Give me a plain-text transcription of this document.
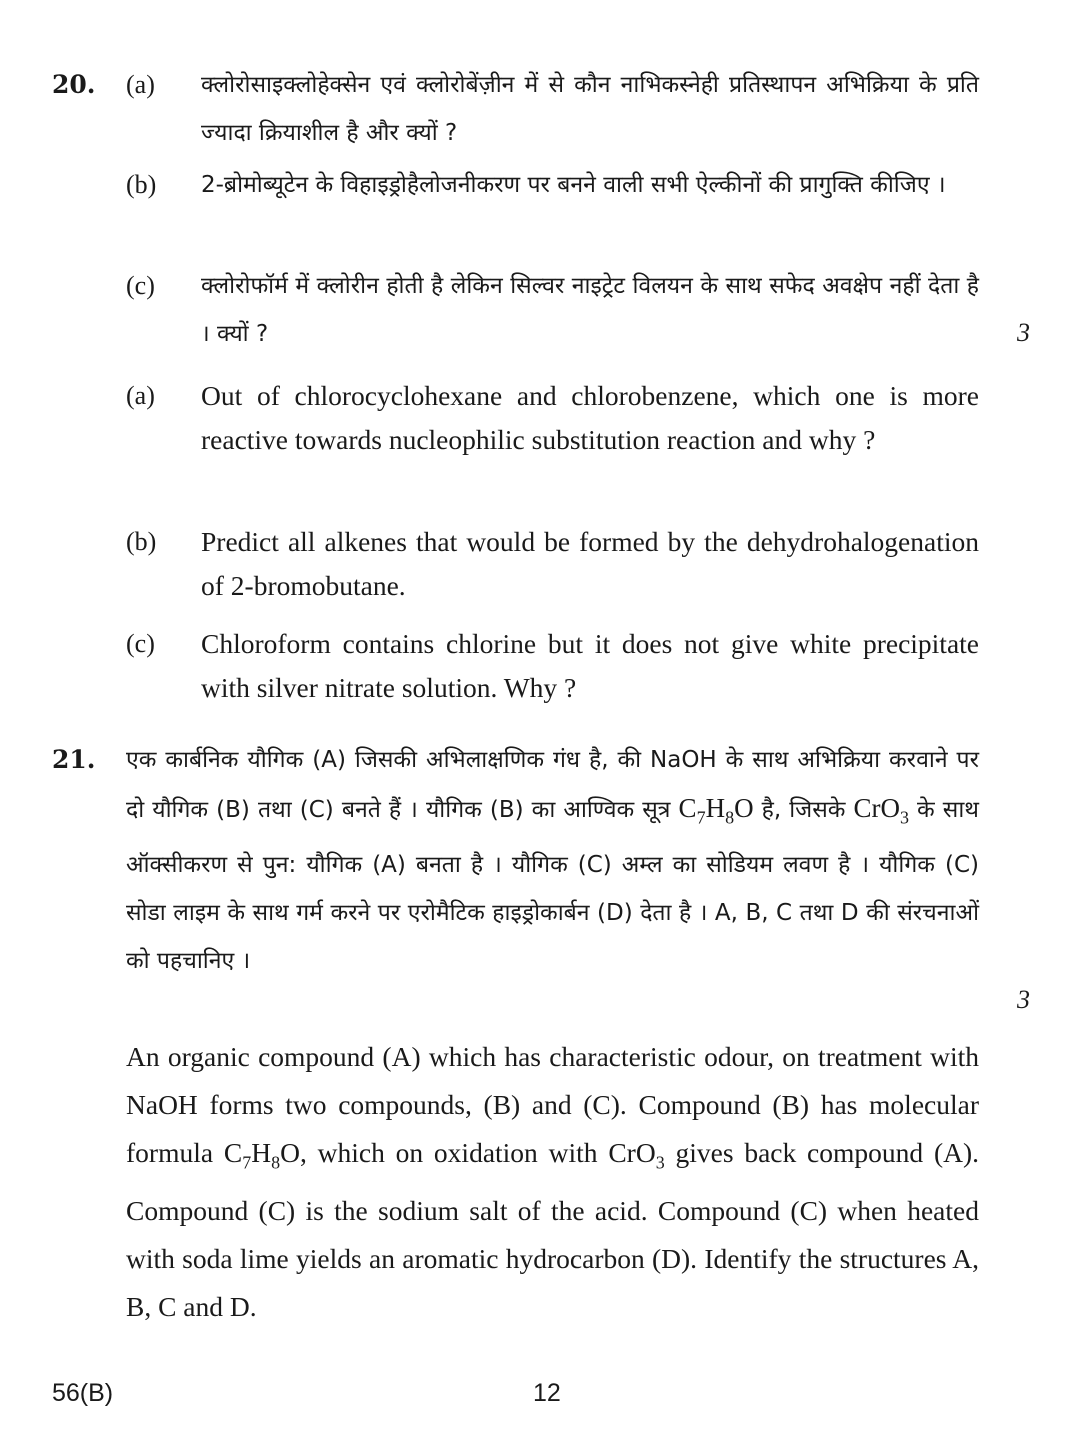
20. (a) क्लोरोसाइक्लोहेक्सेन एवं क्लोरोबेंज़ीन में से कौन नाभिकस्नेही प्रतिस्थापन अभिक्रिया के प्रति ज्यादा क्रियाशील है और क्यों ?
(b) 2-ब्रोमोब्यूटेन के विहाइड्रोहैलोजनीकरण पर बनने वाली सभी ऐल्कीनों की प्रागुक्ति कीजिए ।
(c) क्लोरोफॉर्म में क्लोरीन होती है लेकिन सिल्वर नाइट्रेट विलयन के साथ सफेद अवक्षेप नहीं देता है । क्यों ?	3
(a) Out of chlorocyclohexane and chlorobenzene, which one is more reactive towards nucleophilic substitution reaction and why ?
(b) Predict all alkenes that would be formed by the dehydrohalogenation of 2-bromobutane.
(c) Chloroform contains chlorine but it does not give white precipitate with silver nitrate solution. Why ?
21. एक कार्बनिक यौगिक (A) जिसकी अभिलाक्षणिक गंध है, की NaOH के साथ अभिक्रिया करवाने पर दो यौगिक (B) तथा (C) बनते हैं । यौगिक (B) का आण्विक सूत्र $C_7H_8O$ है, जिसके CrO$_3$ के साथ ऑक्सीकरण से पुन: यौगिक (A) बनता है । यौगिक (C) अम्ल का सोडियम लवण है । यौगिक (C) सोडा लाइम के साथ गर्म करने पर एरोमैटिक हाइड्रोकार्बन (D) देता है । A, B, C तथा D की संरचनाओं को पहचानिए ।
3
An organic compound (A) which has characteristic odour, on treatment with NaOH forms two compounds, (B) and (C). Compound (B) has molecular formula $C_7H_8O$, which on oxidation with CrO$_3$ gives back compound (A). Compound (C) is the sodium salt of the acid. Compound (C) when heated with soda lime yields an aromatic hydrocarbon (D). Identify the structures A, B, C and D.
56(B)	12
